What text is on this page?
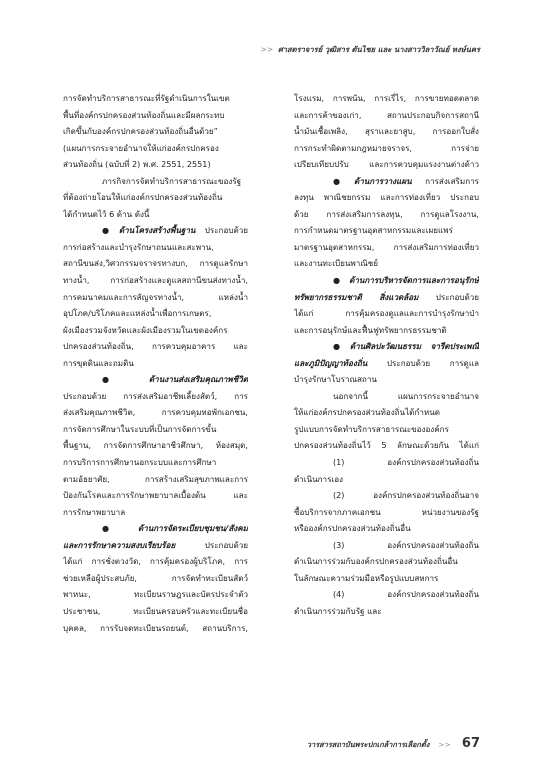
>> ศาสตราจารย์ วุฒิสาร ตันไชย และ นางสาววิลาวัณย์ หงษ์นคร

การจัดทำบริการสาธารณะที่รัฐดำเนินการในเขต

พื้นที่องค์กรปกครองส่วนท้องถิ่นและมีผลกระทบ

เกิดขึ้นกับองค์กรปกครองส่วนท้องถิ่นอื่นด้วย”

(แผนการกระจายอำนาจให้แก่องค์กรปกครอง

ส่วนท้องถิ่น (ฉบับที่ 2) พ.ศ. 2551, 2551)

ภารกิจการจัดทำบริการสาธารณะของรัฐ

ที่ต้องถ่ายโอนให้แก่องค์กรปกครองส่วนท้องถิ่น

ได้กำหนดไว้ 6 ด้าน ดังนี้

● ด้านโครงสร้างพื้นฐาน ประกอบด้วย

การก่อสร้างและบำรุงรักษาถนนและสะพาน,

สถานีขนส่ง,วิศวกรรมจราจรทางบก, การดูแลรักษา

ทางน้ำ, การก่อสร้างและดูแลสถานีขนส่งทางน้ำ,

การคมนาคมและการสัญจรทางน้ำ, แหล่งน้ำ

อุปโภค/บริโภคและแหล่งน้ำเพื่อการเกษตร,

ผังเมืองรวมจังหวัดและผังเมืองรวมในเขตองค์กร

ปกครองส่วนท้องถิ่น, การควบคุมอาคาร และ

การขุดดินและถมดิน

● ด้านงานส่งเสริมคุณภาพชีวิต

ประกอบด้วย การส่งเสริมอาชีพเลี้ยงสัตว์, การ

ส่งเสริมคุณภาพชีวิต, การควบคุมหอพักเอกชน,

การจัดการศึกษาในระบบที่เป็นการจัดการขั้น

พื้นฐาน, การจัดการศึกษาอาชีวศึกษา, ห้องสมุด,

การบริการการศึกษานอกระบบและการศึกษา

ตามอัธยาศัย, การสร้างเสริมสุขภาพและการ

ป้องกันโรคและการรักษาพยาบาลเบื้องต้น และ

การรักษาพยาบาล

● ด้านการจัดระเบียบชุมชน/สังคม

และการรักษาความสงบเรียบร้อย ประกอบด้วย

ได้แก่ การชั่งตวงวัด, การคุ้มครองผู้บริโภค, การ

ช่วยเหลือผู้ประสบภัย, การจัดทำทะเบียนสัตว์

พาหนะ, ทะเบียนราษฎรและบัตรประจำตัว

ประชาชน, ทะเบียนครอบครัวและทะเบียนชื่อ

บุคคล, การรับจดทะเบียนรถยนต์, สถานบริการ,

โรงแรม, การพนัน, การเรี่ไร, การขายทอดตลาด

และการค้าของเก่า, สถานประกอบกิจการสถานี

น้ำมันเชื้อเพลิง, สุราและยาสูบ, การออกใบสั่ง

การกระทำผิดตามกฎหมายจราจร, การจ่าย

เปรียบเทียบปรับ และการควบคุมแรงงานต่างด้าว

● ด้านการวางแผน การส่งเสริมการ

ลงทุน พาณิชยกรรม และการท่องเที่ยว ประกอบ

ด้วย การส่งเสริมการลงทุน, การดูแลโรงงาน,

การกำหนดมาตรฐานอุตสาหกรรมและเผยแพร่

มาตรฐานอุตสาหกรรม, การส่งเสริมการท่องเที่ยว

และงานทะเบียนพาณิชย์

● ด้านการบริหารจัดการและการอนุรักษ์

ทรัพยากรธรรมชาติ สิ่งแวดล้อม ประกอบด้วย

ได้แก่ การคุ้มครองดูแลและการบำรุงรักษาป่า

และการอนุรักษ์และฟื้นฟูทรัพยากรธรรมชาติ

● ด้านศิลปะวัฒนธรรม จารีตประเพณี

และภูมิปัญญาท้องถิ่น ประกอบด้วย การดูแล

บำรุงรักษาโบราณสถาน

นอกจากนี้ แผนการกระจายอำนาจ

ให้แก่องค์กรปกครองส่วนท้องถิ่นได้กำหนด

รูปแบบการจัดทำบริการสาธารณะขององค์กร

ปกครองส่วนท้องถิ่นไว้ 5 ลักษณะด้วยกัน ได้แก่

(1) องค์กรปกครองส่วนท้องถิ่น

ดำเนินการเอง

(2) องค์กรปกครองส่วนท้องถิ่นอาจ

ซื้อบริการจากภาคเอกชน หน่วยงานของรัฐ

หรือองค์กรปกครองส่วนท้องถิ่นอื่น

(3) องค์กรปกครองส่วนท้องถิ่น

ดำเนินการร่วมกับองค์กรปกครองส่วนท้องถิ่นอื่น

ในลักษณะความร่วมมือหรือรูปแบบสหการ

(4) องค์กรปกครองส่วนท้องถิ่น

ดำเนินการร่วมกับรัฐ และ

วารสารสถาบันพระปกเกล้าการเลือกตั้ง >> 67
